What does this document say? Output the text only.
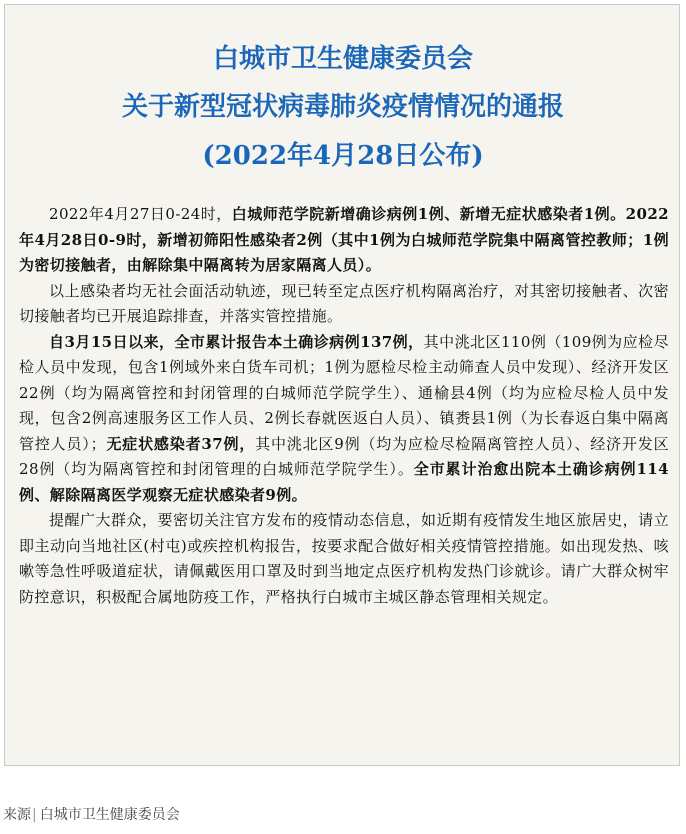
白城市卫生健康委员会
关于新型冠状病毒肺炎疫情情况的通报
(2022年4月28日公布)

2022年4月27日0-24时，白城师范学院新增确诊病例1例、新增无症状感染者1例。2022年4月28日0-9时，新增初筛阳性感染者2例（其中1例为白城师范学院集中隔离管控教师；1例为密切接触者，由解除集中隔离转为居家隔离人员）。

以上感染者均无社会面活动轨迹，现已转至定点医疗机构隔离治疗，对其密切接触者、次密切接触者均已开展追踪排查，并落实管控措施。

自3月15日以来，全市累计报告本土确诊病例137例，其中洮北区110例（109例为应检尽检人员中发现，包含1例域外来白货车司机；1例为愿检尽检主动筛查人员中发现）、经济开发区22例（均为隔离管控和封闭管理的白城师范学院学生）、通榆县4例（均为应检尽检人员中发现，包含2例高速服务区工作人员、2例长春就医返白人员）、镇赉县1例（为长春返白集中隔离管控人员）；无症状感染者37例，其中洮北区9例（均为应检尽检隔离管控人员）、经济开发区28例（均为隔离管控和封闭管理的白城师范学院学生）。全市累计治愈出院本土确诊病例114例、解除隔离医学观察无症状感染者9例。

提醒广大群众，要密切关注官方发布的疫情动态信息，如近期有疫情发生地区旅居史，请立即主动向当地社区(村屯)或疾控机构报告，按要求配合做好相关疫情管控措施。如出现发热、咳嗽等急性呼吸道症状，请佩戴医用口罩及时到当地定点医疗机构发热门诊就诊。请广大群众树牢防控意识，积极配合属地防疫工作，严格执行白城市主城区静态管理相关规定。

来源| 白城市卫生健康委员会
